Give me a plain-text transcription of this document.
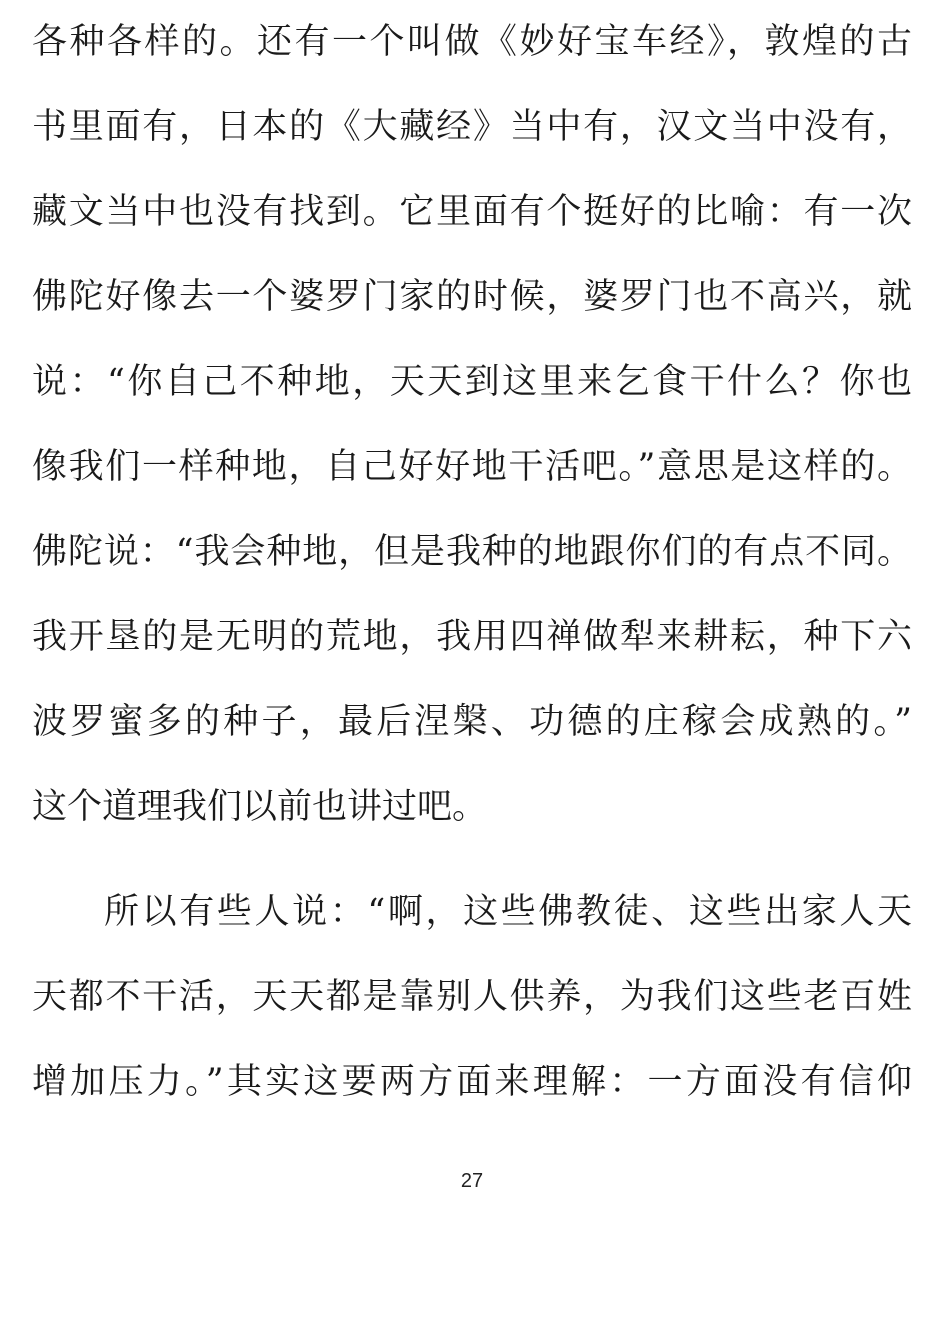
各种各样的。还有一个叫做《妙好宝车经》，敦煌的古
书里面有，日本的《大藏经》当中有，汉文当中没有，
藏文当中也没有找到。它里面有个挺好的比喻：有一次
佛陀好像去一个婆罗门家的时候，婆罗门也不高兴，就
说：“你自己不种地，天天到这里来乞食干什么？你也
像我们一样种地，自己好好地干活吧。”意思是这样的。
佛陀说：“我会种地，但是我种的地跟你们的有点不同。
我开垦的是无明的荒地，我用四禅做犁来耕耘，种下六
波罗蜜多的种子，最后涅槃、功德的庄稼会成熟的。”
这个道理我们以前也讲过吧。
所以有些人说：“啊，这些佛教徒、这些出家人天
天都不干活，天天都是靠别人供养，为我们这些老百姓
增加压力。”其实这要两方面来理解：一方面没有信仰
27
